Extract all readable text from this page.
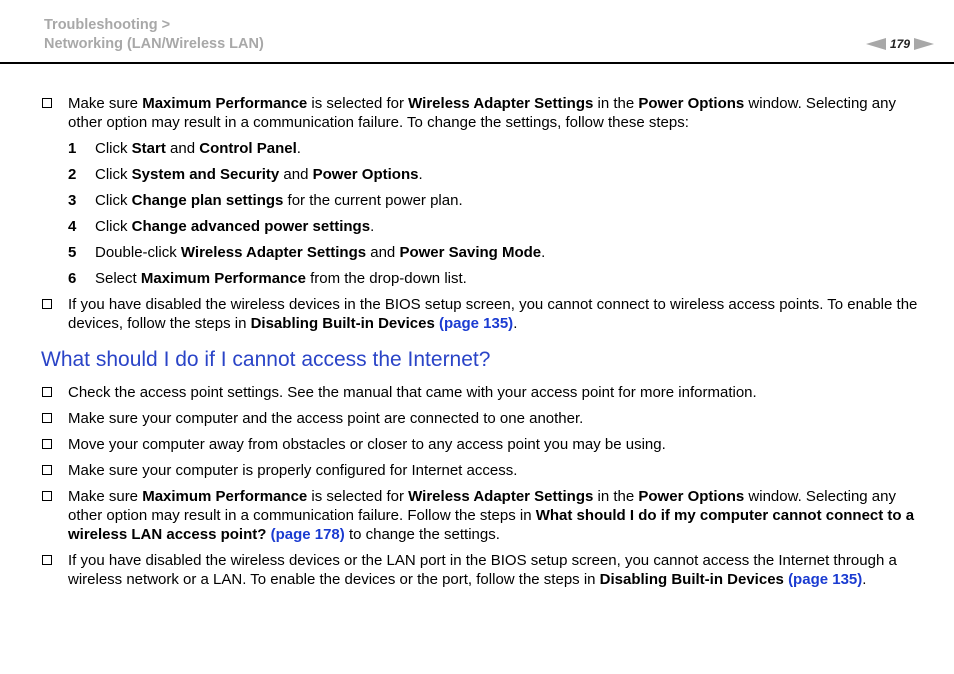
Troubleshooting >
Networking (LAN/Wireless LAN)	179
Make sure Maximum Performance is selected for Wireless Adapter Settings in the Power Options window. Selecting any other option may result in a communication failure. To change the settings, follow these steps:
1 Click Start and Control Panel.
2 Click System and Security and Power Options.
3 Click Change plan settings for the current power plan.
4 Click Change advanced power settings.
5 Double-click Wireless Adapter Settings and Power Saving Mode.
6 Select Maximum Performance from the drop-down list.
If you have disabled the wireless devices in the BIOS setup screen, you cannot connect to wireless access points. To enable the devices, follow the steps in Disabling Built-in Devices (page 135).
What should I do if I cannot access the Internet?
Check the access point settings. See the manual that came with your access point for more information.
Make sure your computer and the access point are connected to one another.
Move your computer away from obstacles or closer to any access point you may be using.
Make sure your computer is properly configured for Internet access.
Make sure Maximum Performance is selected for Wireless Adapter Settings in the Power Options window. Selecting any other option may result in a communication failure. Follow the steps in What should I do if my computer cannot connect to a wireless LAN access point? (page 178) to change the settings.
If you have disabled the wireless devices or the LAN port in the BIOS setup screen, you cannot access the Internet through a wireless network or a LAN. To enable the devices or the port, follow the steps in Disabling Built-in Devices (page 135).
